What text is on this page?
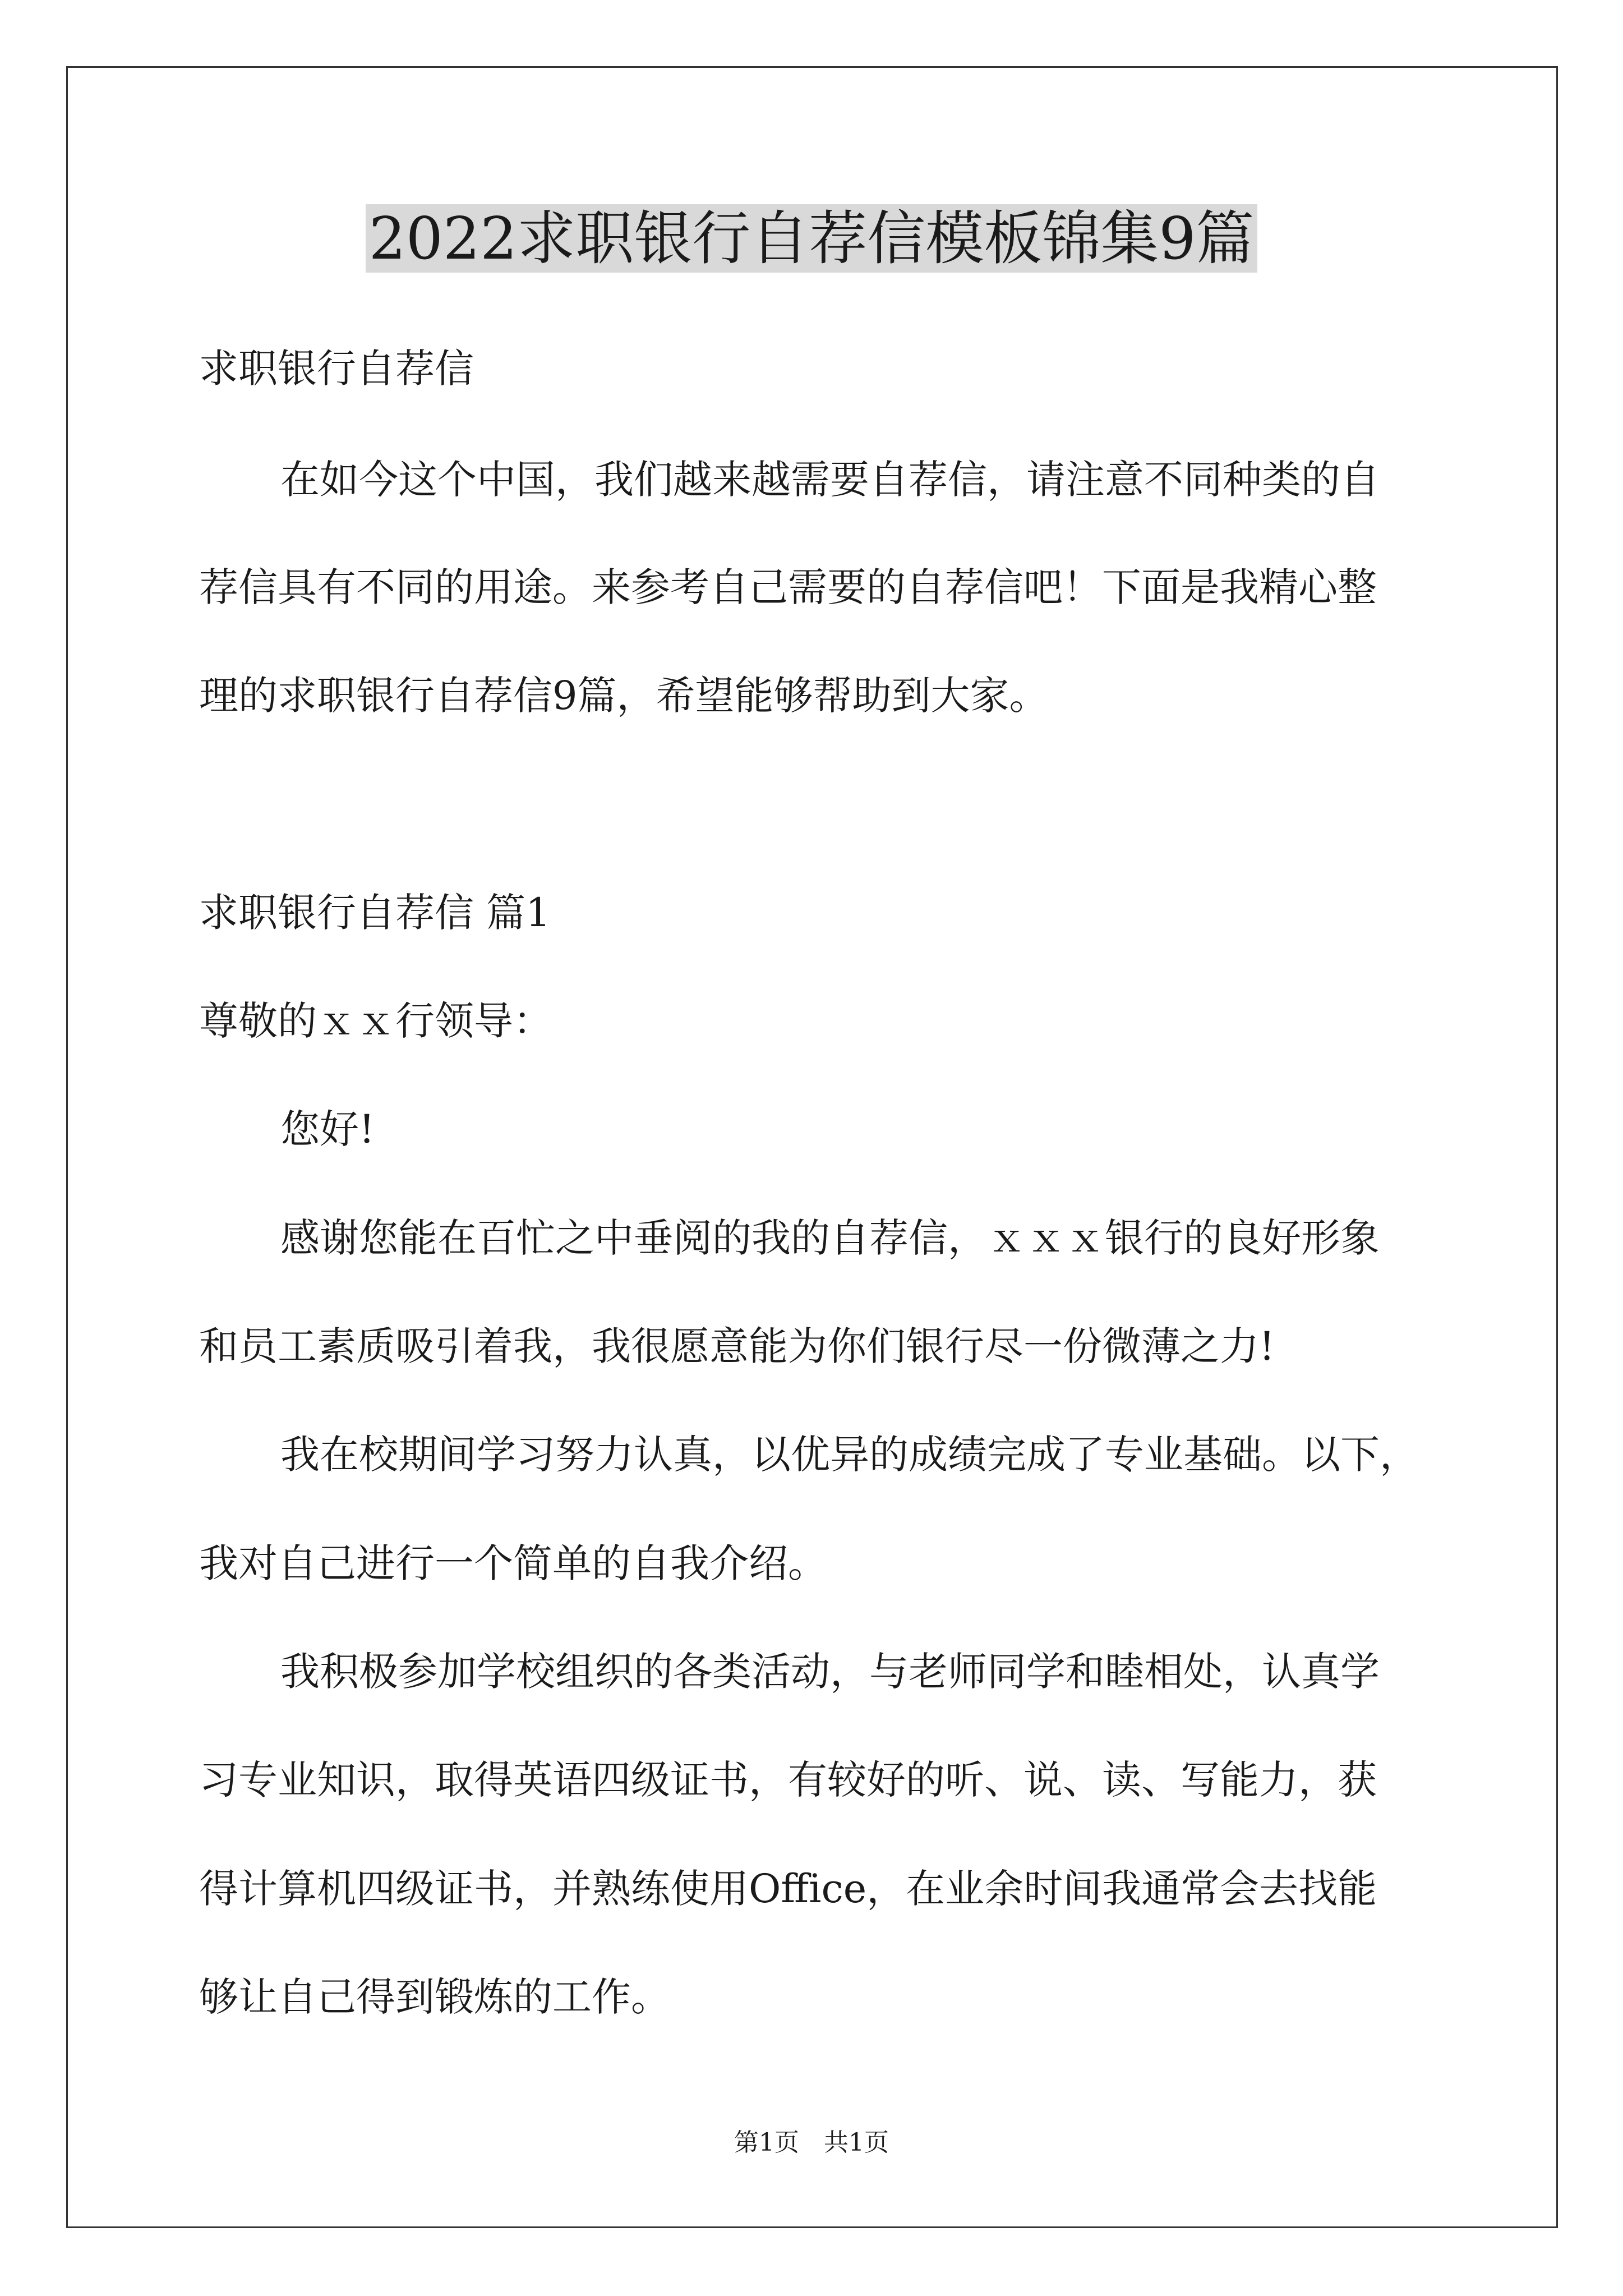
2022求职银行自荐信模板锦集9篇

求职银行自荐信

在如今这个中国，我们越来越需要自荐信，请注意不同种类的自

荐信具有不同的用途。来参考自己需要的自荐信吧！下面是我精心整

理的求职银行自荐信9篇，希望能够帮助到大家。

求职银行自荐信 篇1

尊敬的ｘｘ行领导：

您好!

感谢您能在百忙之中垂阅的我的自荐信，ｘｘｘ银行的良好形象

和员工素质吸引着我，我很愿意能为你们银行尽一份微薄之力!

我在校期间学习努力认真，以优异的成绩完成了专业基础。以下，

我对自己进行一个简单的自我介绍。

我积极参加学校组织的各类活动，与老师同学和睦相处，认真学

习专业知识，取得英语四级证书，有较好的听、说、读、写能力，获

得计算机四级证书，并熟练使用Office，在业余时间我通常会去找能

够让自己得到锻炼的工作。

第1页　共1页
